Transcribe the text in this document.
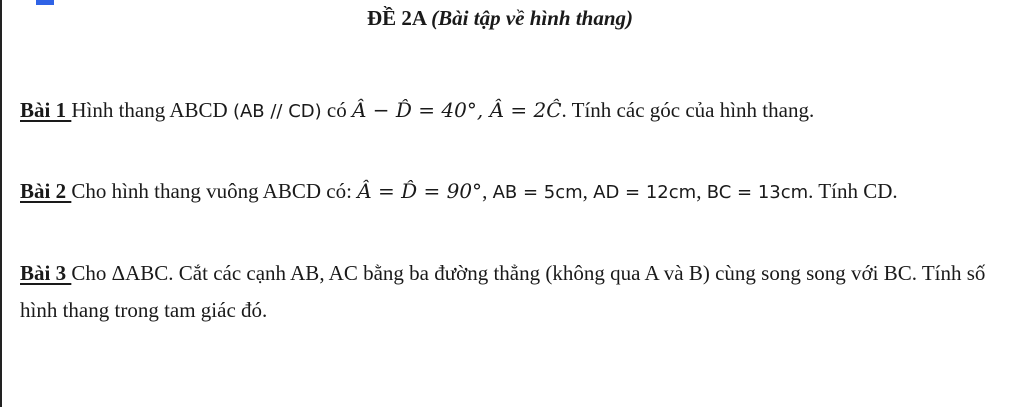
ĐỀ 2A (Bài tập về hình thang)
Bài 1 Hình thang ABCD (AB // CD) có Â − D̂ = 40°, Â = 2Ĉ. Tính các góc của hình thang.
Bài 2 Cho hình thang vuông ABCD có: Â = D̂ = 90°, AB = 5cm, AD = 12cm, BC = 13cm. Tính CD.
Bài 3 Cho ΔABC. Cắt các cạnh AB, AC bằng ba đường thẳng (không qua A và B) cùng song song với BC. Tính số hình thang trong tam giác đó.
